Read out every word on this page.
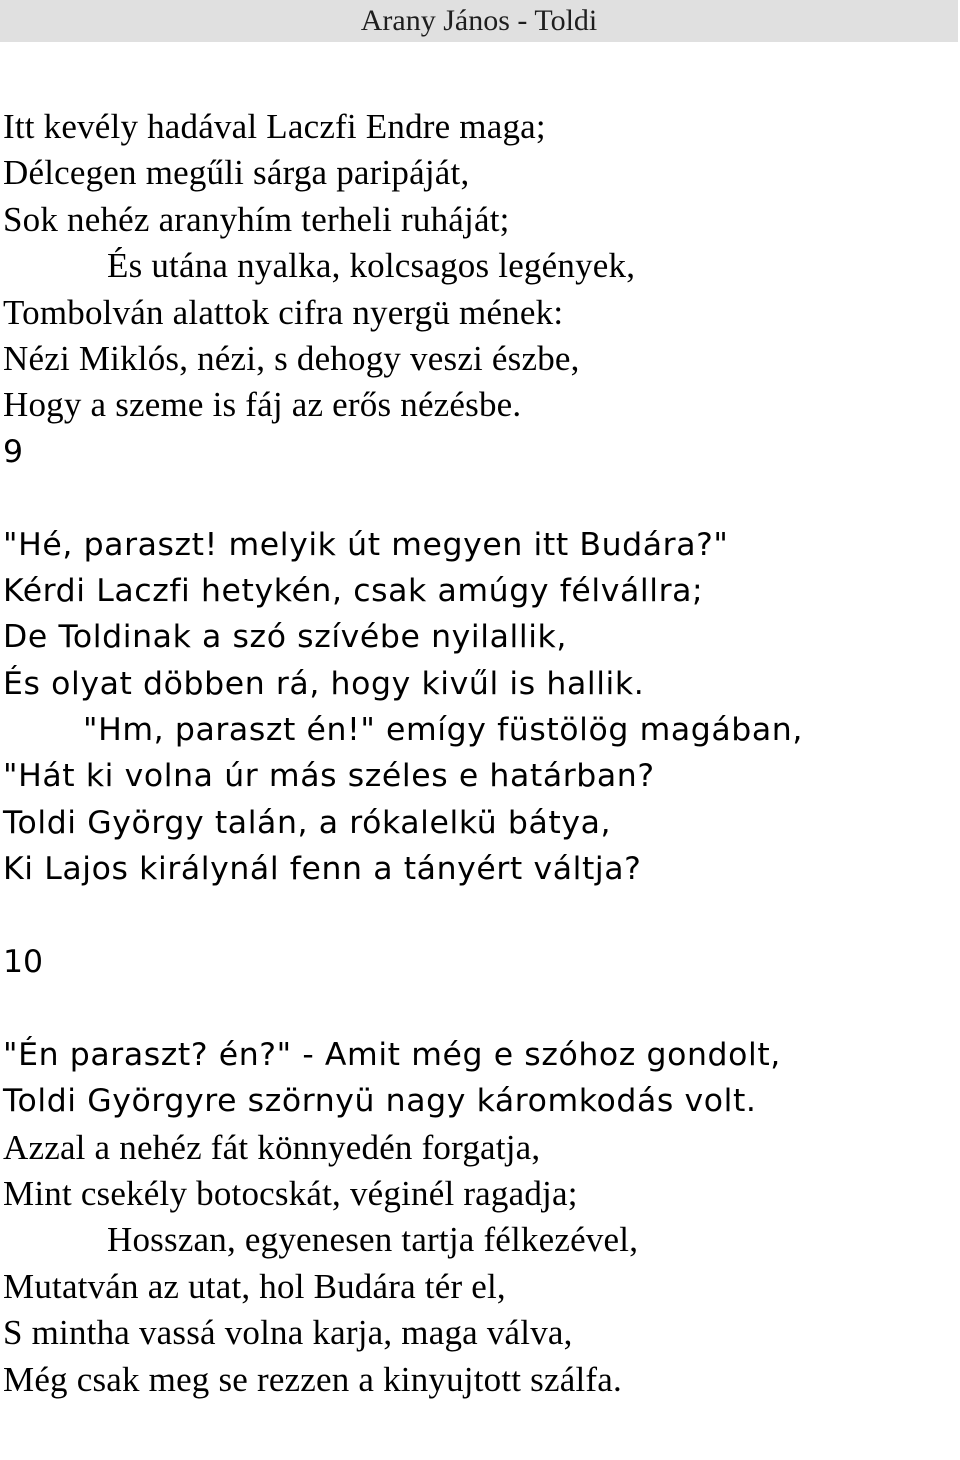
Arany János - Toldi
Itt kevély hadával Laczfi Endre maga;
Délcegen megűli sárga paripáját,
Sok nehéz aranyhím terheli ruháját;
És utána nyalka, kolcsagos legények,
Tombolván alattok cifra nyergü mének:
Nézi Miklós, nézi, s dehogy veszi észbe,
Hogy a szeme is fáj az erős nézésbe.
9
"Hé, paraszt! melyik út megyen itt Budára?"
Kérdi Laczfi hetykén, csak amúgy félvállra;
De Toldinak a szó szívébe nyilallik,
És olyat döbben rá, hogy kivűl is hallik.
"Hm, paraszt én!" emígy füstölög magában,
"Hát ki volna úr más széles e határban?
Toldi György talán, a rókalelkü bátya,
Ki Lajos királynál fenn a tányért váltja?
10
"Én paraszt? én?" - Amit még e szóhoz gondolt,
Toldi Györgyre szörnyü nagy káromkodás volt.
Azzal a nehéz fát könnyedén forgatja,
Mint csekély botocskát, véginél ragadja;
Hosszan, egyenesen tartja félkezével,
Mutatván az utat, hol Budára tér el,
S mintha vassá volna karja, maga válva,
Még csak meg se rezzen a kinyujtott szálfa.
